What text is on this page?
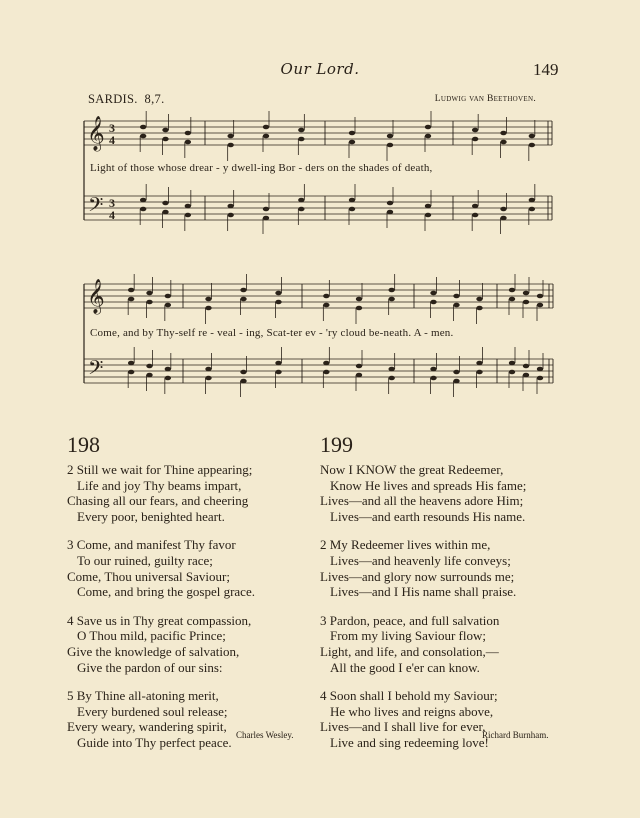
Our Lord.	149
SARDIS. 8,7.	Ludwig van Beethoven.
𝄞
𝄢
3
4
3
4
𝄞
𝄢
Light of those whose drear - y dwell-ing Bor - ders on the shades of death,
Come, and by Thy-self re - veal - ing, Scat-ter ev - 'ry cloud be-neath. A - men.
198
2 Still we wait for Thine appearing;
Life and joy Thy beams impart,
Chasing all our fears, and cheering
Every poor, benighted heart.
3 Come, and manifest Thy favor
To our ruined, guilty race;
Come, Thou universal Saviour;
Come, and bring the gospel grace.
4 Save us in Thy great compassion,
O Thou mild, pacific Prince;
Give the knowledge of salvation,
Give the pardon of our sins:
5 By Thine all-atoning merit,
Every burdened soul release;
Every weary, wandering spirit,
Guide into Thy perfect peace. Charles Wesley.
199
Now I KNOW the great Redeemer,
Know He lives and spreads His fame;
Lives—and all the heavens adore Him;
Lives—and earth resounds His name.
2 My Redeemer lives within me,
Lives—and heavenly life conveys;
Lives—and glory now surrounds me;
Lives—and I His name shall praise.
3 Pardon, peace, and full salvation
From my living Saviour flow;
Light, and life, and consolation,—
All the good I e'er can know.
4 Soon shall I behold my Saviour;
He who lives and reigns above,
Lives—and I shall live for ever,
Live and sing redeeming love!
Richard Burnham.
